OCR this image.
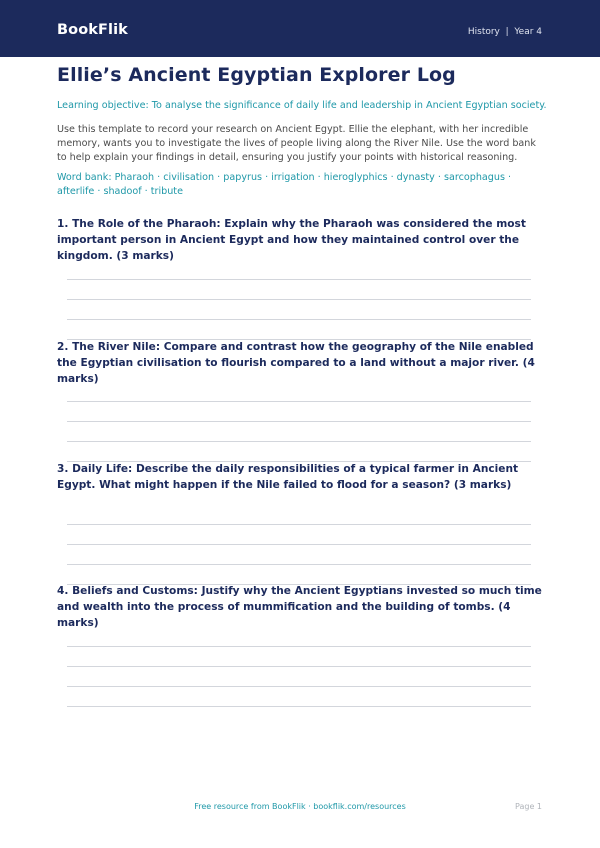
BookFlik	History  |  Year 4
Ellie’s Ancient Egyptian Explorer Log
Learning objective: To analyse the significance of daily life and leadership in Ancient Egyptian society.
Use this template to record your research on Ancient Egypt. Ellie the elephant, with her incredible memory, wants you to investigate the lives of people living along the River Nile. Use the word bank to help explain your findings in detail, ensuring you justify your points with historical reasoning.
Word bank: Pharaoh · civilisation · papyrus · irrigation · hieroglyphics · dynasty · sarcophagus · afterlife · shadoof · tribute
1. The Role of the Pharaoh: Explain why the Pharaoh was considered the most important person in Ancient Egypt and how they maintained control over the kingdom. (3 marks)
2. The River Nile: Compare and contrast how the geography of the Nile enabled the Egyptian civilisation to flourish compared to a land without a major river. (4 marks)
3. Daily Life: Describe the daily responsibilities of a typical farmer in Ancient Egypt. What might happen if the Nile failed to flood for a season? (3 marks)
4. Beliefs and Customs: Justify why the Ancient Egyptians invested so much time and wealth into the process of mummification and the building of tombs. (4 marks)
Free resource from BookFlik · bookflik.com/resources	Page 1
